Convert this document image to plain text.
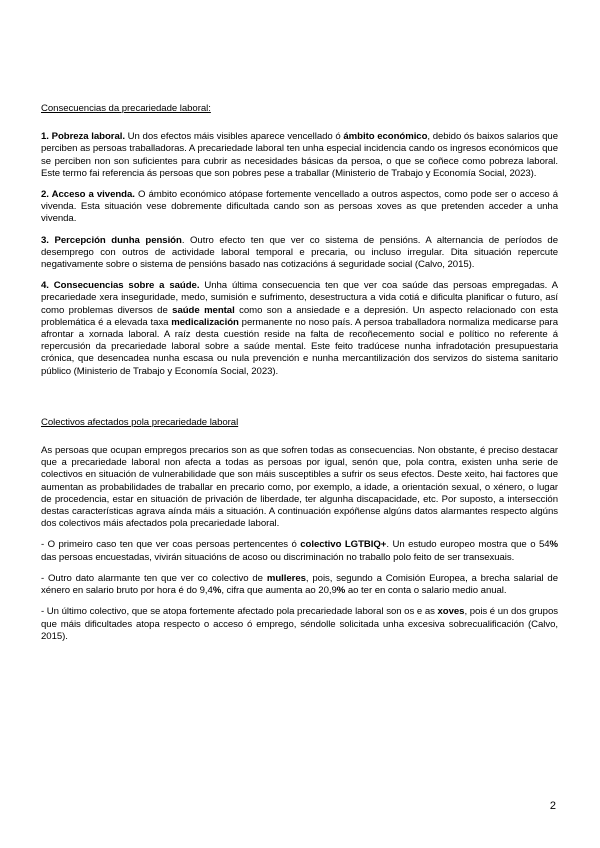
Consecuencias da precariedade laboral:

1. Pobreza laboral. Un dos efectos máis visibles aparece vencellado ó ámbito económico, debido ós baixos salarios que perciben as persoas traballadoras. A precariedade laboral ten unha especial incidencia cando os ingresos económicos que se perciben non son suficientes para cubrir as necesidades básicas da persoa, o que se coñece como pobreza laboral. Este termo fai referencia ás persoas que son pobres pese a traballar (Ministerio de Trabajo y Economía Social, 2023).

2. Acceso a vivenda. O ámbito económico atópase fortemente vencellado a outros aspectos, como pode ser o acceso á vivenda. Esta situación vese dobremente dificultada cando son as persoas xoves as que pretenden acceder a unha vivenda.

3. Percepción dunha pensión. Outro efecto ten que ver co sistema de pensións. A alternancia de períodos de desemprego con outros de actividade laboral temporal e precaria, ou incluso irregular. Dita situación repercute negativamente sobre o sistema de pensións basado nas cotizacións á seguridade social (Calvo, 2015).

4. Consecuencias sobre a saúde. Unha última consecuencia ten que ver coa saúde das persoas empregadas. A precariedade xera inseguridade, medo, sumisión e sufrimento, desestructura a vida cotiá e dificulta planificar o futuro, así como problemas diversos de saúde mental como son a ansiedade e a depresión. Un aspecto relacionado con esta problemática é a elevada taxa medicalización permanente no noso país. A persoa traballadora normaliza medicarse para afrontar a xornada laboral. A raíz desta cuestión reside na falta de recoñecemento social e político no referente á repercusión da precariedade laboral sobre a saúde mental. Este feito tradúcese nunha infradotación presupuestaria crónica, que desencadea nunha escasa ou nula prevención e nunha mercantilización dos servizos do sistema sanitario público (Ministerio de Trabajo y Economía Social, 2023).

Colectivos afectados pola precariedade laboral

As persoas que ocupan empregos precarios son as que sofren todas as consecuencias. Non obstante, é preciso destacar que a precariedade laboral non afecta a todas as persoas por igual, senón que, pola contra, existen unha serie de colectivos en situación de vulnerabilidade que son máis susceptibles a sufrir os seus efectos. Deste xeito, hai factores que aumentan as probabilidades de traballar en precario como, por exemplo, a idade, a orientación sexual, o xénero, o lugar de procedencia, estar en situación de privación de liberdade, ter algunha discapacidade, etc. Por suposto, a intersección destas características agrava aínda máis a situación. A continuación expóñense algúns datos alarmantes respecto algúns dos colectivos máis afectados pola precariedade laboral.

- O primeiro caso ten que ver coas persoas pertencentes ó colectivo LGTBIQ+. Un estudo europeo mostra que o 54% das persoas encuestadas, vivirán situacións de acoso ou discriminación no traballo polo feito de ser transexuais.

- Outro dato alarmante ten que ver co colectivo de mulleres, pois, segundo a Comisión Europea, a brecha salarial de xénero en salario bruto por hora é do 9,4%, cifra que aumenta ao 20,9% ao ter en conta o salario medio anual.

- Un último colectivo, que se atopa fortemente afectado pola precariedade laboral son os e as xoves, pois é un dos grupos que máis dificultades atopa respecto o acceso ó emprego, séndolle solicitada unha excesiva sobrecualificación (Calvo, 2015).

2
